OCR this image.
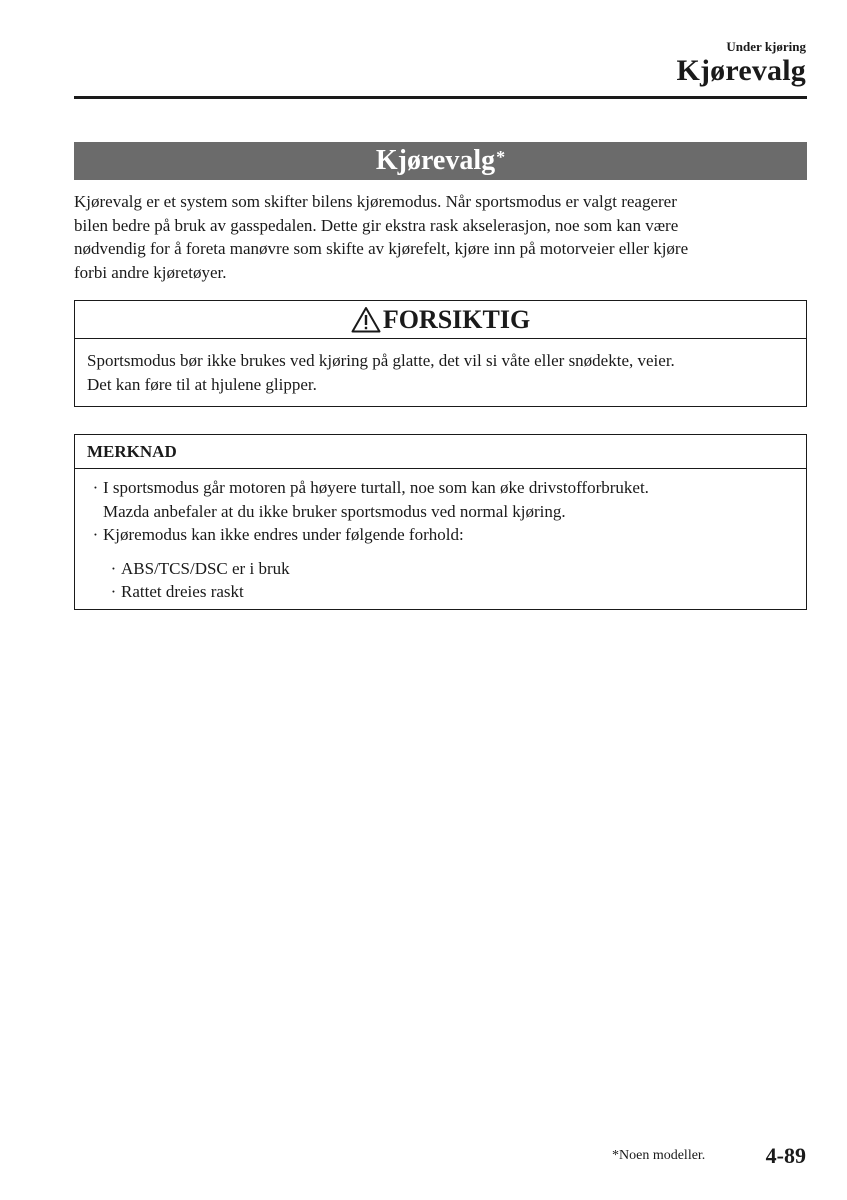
Under kjøring
Kjørevalg
Kjørevalg*
Kjørevalg er et system som skifter bilens kjøremodus. Når sportsmodus er valgt reagerer
bilen bedre på bruk av gasspedalen. Dette gir ekstra rask akselerasjon, noe som kan være
nødvendig for å foreta manøvre som skifte av kjørefelt, kjøre inn på motorveier eller kjøre
forbi andre kjøretøyer.
FORSIKTIG
Sportsmodus bør ikke brukes ved kjøring på glatte, det vil si våte eller snødekte, veier.
Det kan føre til at hjulene glipper.
MERKNAD
· I sportsmodus går motoren på høyere turtall, noe som kan øke drivstofforbruket.
Mazda anbefaler at du ikke bruker sportsmodus ved normal kjøring.
· Kjøremodus kan ikke endres under følgende forhold:
· ABS/TCS/DSC er i bruk
· Rattet dreies raskt
*Noen modeller.	4-89
